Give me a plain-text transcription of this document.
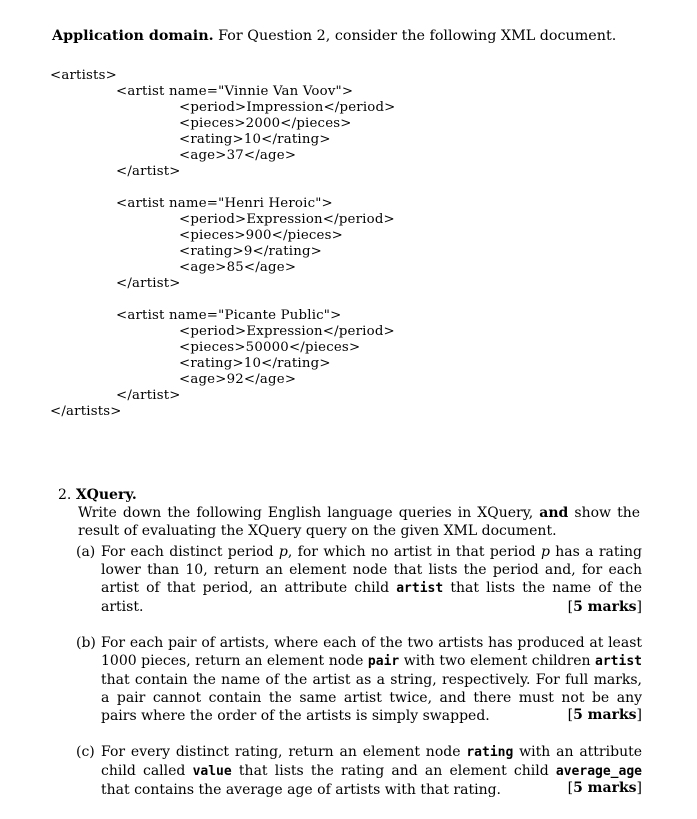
Application domain. For Question 2, consider the following XML document.
<artists>
<artist name="Vinnie Van Voov">
<period>Impression</period>
<pieces>2000</pieces>
<rating>10</rating>
<age>37</age>
</artist>
<artist name="Henri Heroic">
<period>Expression</period>
<pieces>900</pieces>
<rating>9</rating>
<age>85</age>
</artist>
<artist name="Picante Public">
<period>Expression</period>
<pieces>50000</pieces>
<rating>10</rating>
<age>92</age>
</artist>
</artists>
2. XQuery.
Write down the following English language queries in XQuery, and show the result of evaluating the XQuery query on the given XML document.
(a) For each distinct period p, for which no artist in that period p has a rating lower than 10, return an element node that lists the period and, for each artist of that period, an attribute child artist that lists the name of the artist.	[5 marks]
(b) For each pair of artists, where each of the two artists has produced at least 1000 pieces, return an element node pair with two element children artist that contain the name of the artist as a string, respectively. For full marks, a pair cannot contain the same artist twice, and there must not be any pairs where the order of the artists is simply swapped.	[5 marks]
(c) For every distinct rating, return an element node rating with an attribute child called value that lists the rating and an element child average_age that contains the average age of artists with that rating.	[5 marks]
